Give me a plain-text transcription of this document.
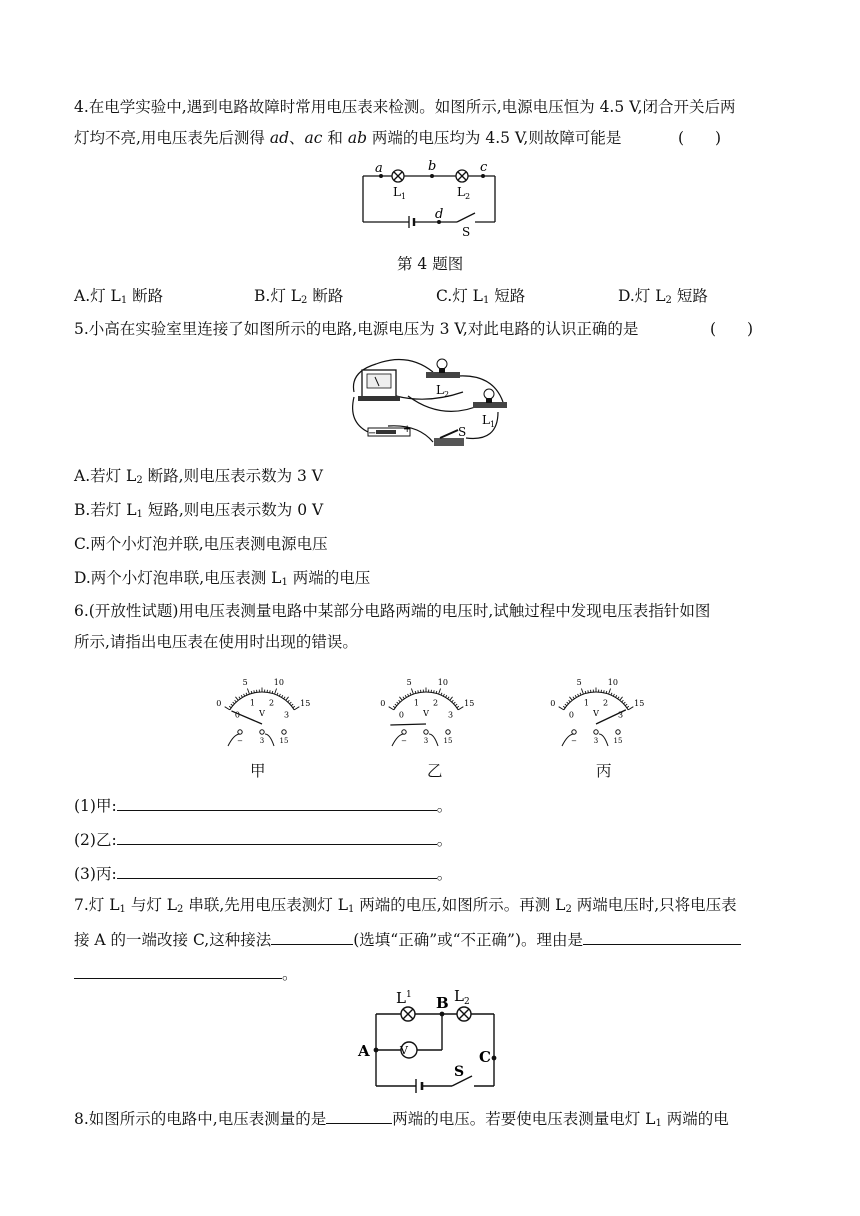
4.在电学实验中,遇到电路故障时常用电压表来检测。如图所示,电源电压恒为 4.5 V,闭合开关后两
灯均不亮,用电压表先后测得 ad、ac 和 ab 两端的电压均为 4.5 V,则故障可能是	(　　)
a	b	c
d
$L_1$	$L_2$
S
第 4 题图
A.灯 $L_1$ 断路	B.灯 $L_2$ 断路	C.灯 $L_1$ 短路	D.灯 $L_2$ 短路
5.小高在实验室里连接了如图所示的电路,电源电压为 3 V,对此电路的认识正确的是	(　　)
$L_2$
$L_1$
S
−	+
A.若灯 $L_2$ 断路,则电压表示数为 3 V
B.若灯 $L_1$ 短路,则电压表示数为 0 V
C.两个小灯泡并联,电压表测电源电压
D.两个小灯泡串联,电压表测 $L_1$ 两端的电压
6.(开放性试题)用电压表测量电路中某部分电路两端的电压时,试触过程中发现电压表指针如图
所示,请指出电压表在使用时出现的错误。
0
0
5
1
10
2	15
3
V
− 3 15
0
0
5
1
10
2	15
3
V
− 3 15
0
0
5
1
10
2	15
3
V
− 3 15
甲	乙	丙
(1)甲:	。
(2)乙:	。
(3)丙:	。
7.灯 $L_1$ 与灯 $L_2$ 串联,先用电压表测灯 $L_1$ 两端的电压,如图所示。再测 $L_2$ 两端电压时,只将电压表
接 A 的一端改接 C,这种接法	(选填“正确”或“不正确”)。理由是
。
V
$L^1$	$L_2$
A
B
C
S
8.如图所示的电路中,电压表测量的是	两端的电压。若要使电压表测量电灯 $L_1$ 两端的电
